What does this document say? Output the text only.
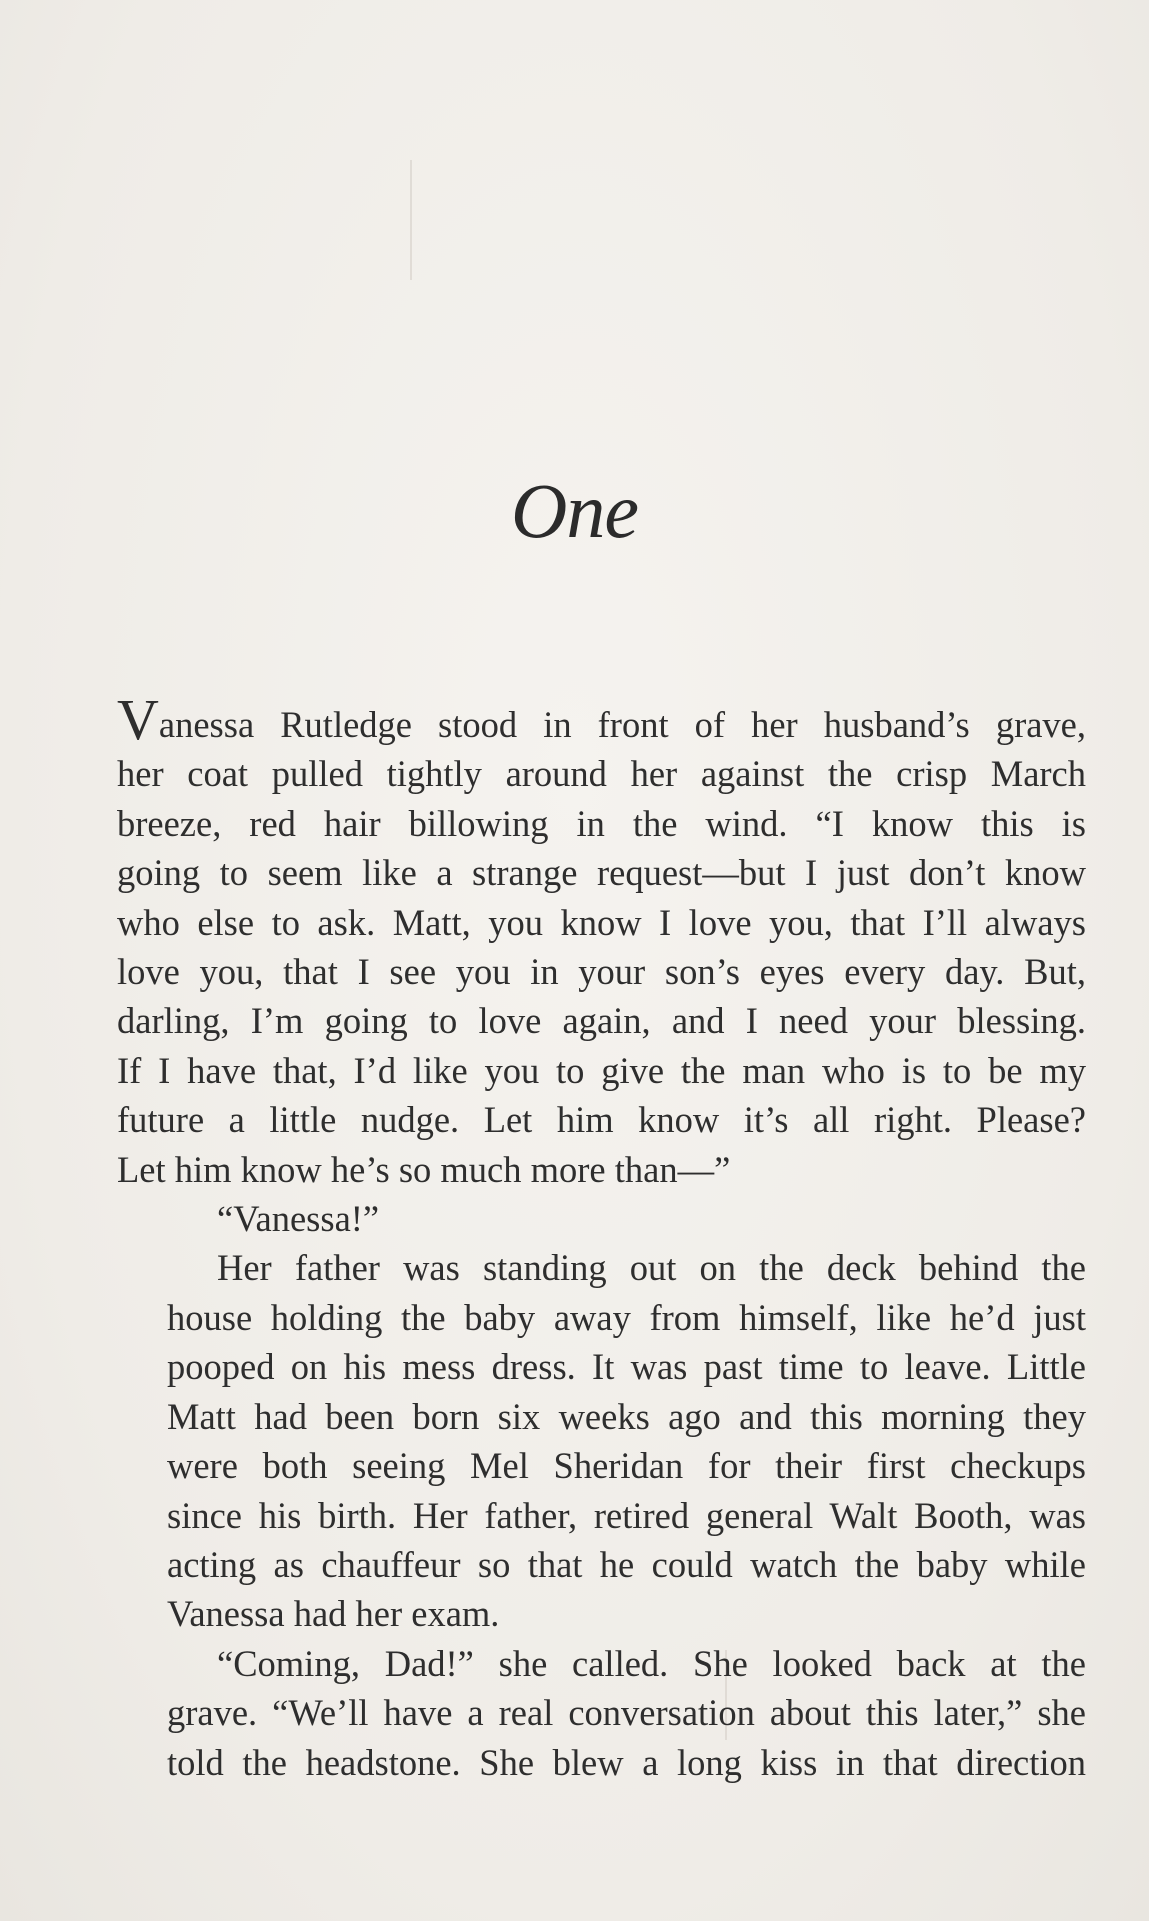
One

Vanessa Rutledge stood in front of her husband’s grave,
her coat pulled tightly around her against the crisp March
breeze, red hair billowing in the wind. “I know this is
going to seem like a strange request—but I just don’t know
who else to ask. Matt, you know I love you, that I’ll always
love you, that I see you in your son’s eyes every day. But,
darling, I’m going to love again, and I need your blessing.
If I have that, I’d like you to give the man who is to be my
future a little nudge. Let him know it’s all right. Please?
Let him know he’s so much more than—”

“Vanessa!”

Her father was standing out on the deck behind the
house holding the baby away from himself, like he’d just
pooped on his mess dress. It was past time to leave. Little
Matt had been born six weeks ago and this morning they
were both seeing Mel Sheridan for their first checkups
since his birth. Her father, retired general Walt Booth, was
acting as chauffeur so that he could watch the baby while
Vanessa had her exam.

“Coming, Dad!” she called. She looked back at the
grave. “We’ll have a real conversation about this later,” she
told the headstone. She blew a long kiss in that direction
